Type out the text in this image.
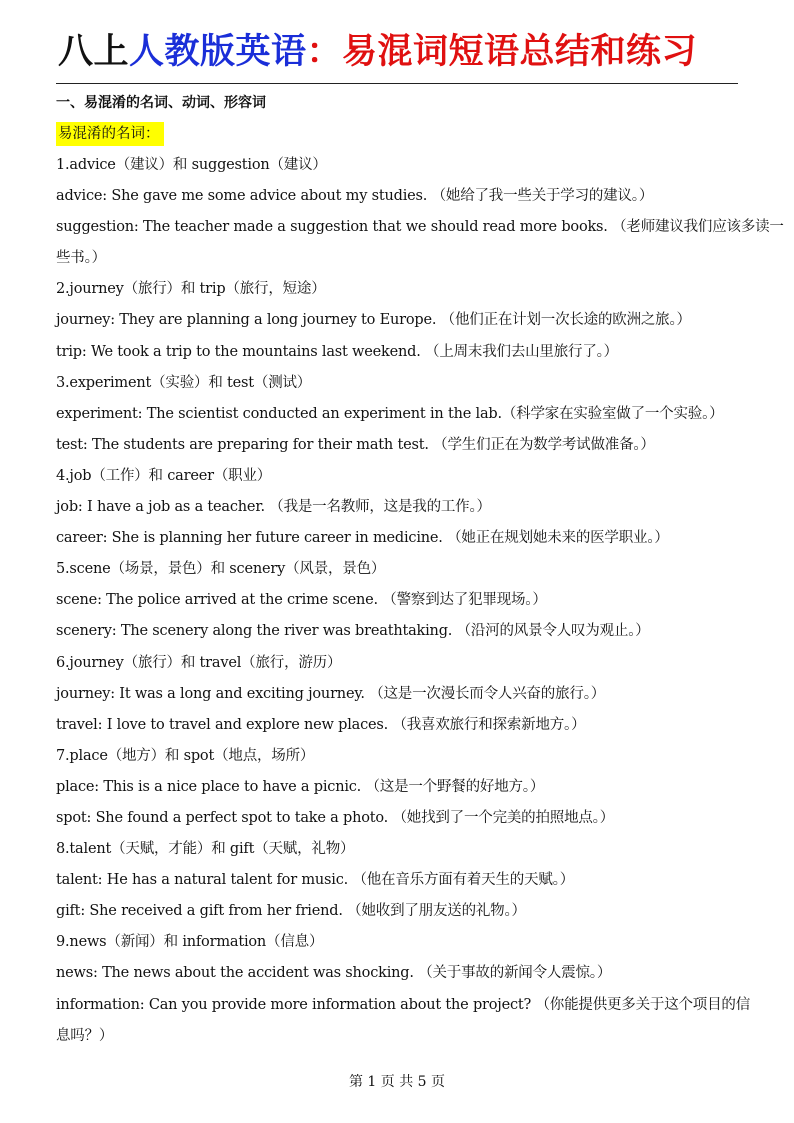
八上人教版英语：易混词短语总结和练习
一、易混淆的名词、动词、形容词
易混淆的名词：
1.advice（建议）和 suggestion（建议）
advice: She gave me some advice about my studies. （她给了我一些关于学习的建议。）
suggestion: The teacher made a suggestion that we should read more books. （老师建议我们应该多读一
些书。）
2.journey（旅行）和 trip（旅行，短途）
journey: They are planning a long journey to Europe. （他们正在计划一次长途的欧洲之旅。）
trip: We took a trip to the mountains last weekend. （上周末我们去山里旅行了。）
3.experiment（实验）和 test（测试）
experiment: The scientist conducted an experiment in the lab.（科学家在实验室做了一个实验。）
test: The students are preparing for their math test. （学生们正在为数学考试做准备。）
4.job（工作）和 career（职业）
job: I have a job as a teacher. （我是一名教师，这是我的工作。）
career: She is planning her future career in medicine. （她正在规划她未来的医学职业。）
5.scene（场景，景色）和 scenery（风景，景色）
scene: The police arrived at the crime scene. （警察到达了犯罪现场。）
scenery: The scenery along the river was breathtaking. （沿河的风景令人叹为观止。）
6.journey（旅行）和 travel（旅行，游历）
journey: It was a long and exciting journey. （这是一次漫长而令人兴奋的旅行。）
travel: I love to travel and explore new places. （我喜欢旅行和探索新地方。）
7.place（地方）和 spot（地点，场所）
place: This is a nice place to have a picnic. （这是一个野餐的好地方。）
spot: She found a perfect spot to take a photo. （她找到了一个完美的拍照地点。）
8.talent（天赋，才能）和 gift（天赋，礼物）
talent: He has a natural talent for music. （他在音乐方面有着天生的天赋。）
gift: She received a gift from her friend. （她收到了朋友送的礼物。）
9.news（新闻）和 information（信息）
news: The news about the accident was shocking. （关于事故的新闻令人震惊。）
information: Can you provide more information about the project? （你能提供更多关于这个项目的信
息吗？）
第 1 页 共 5 页
